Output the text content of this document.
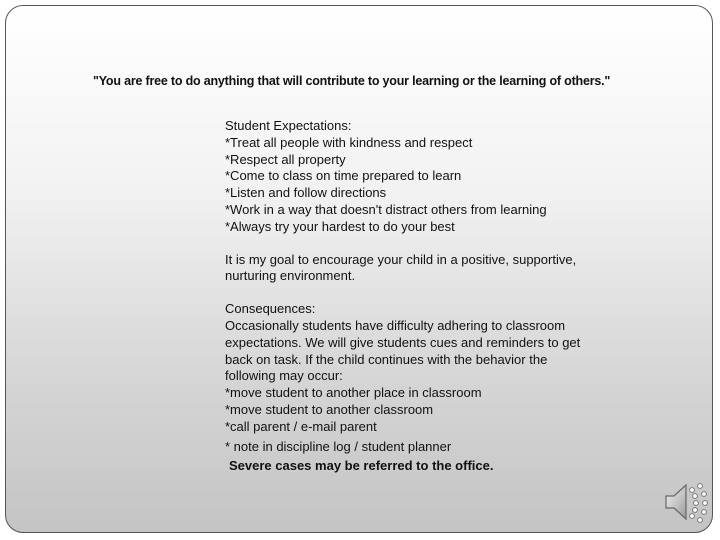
"You are free to do anything that will contribute to your learning or the learning of others."
Student Expectations:
*Treat all people with kindness and respect
*Respect all property
*Come to class on time prepared to learn
*Listen and follow directions
*Work in a way that doesn't distract others from learning
*Always try your hardest to do your best
It is my goal to encourage your child in a positive, supportive,
nurturing environment.
Consequences:
Occasionally students have difficulty adhering to classroom
expectations. We will give students cues and reminders to get
back on task. If the child continues with the behavior the
following may occur:
*move student to another place in classroom
*move student to another classroom
*call parent / e-mail parent
* note in discipline log / student planner
Severe cases may be referred to the office.
